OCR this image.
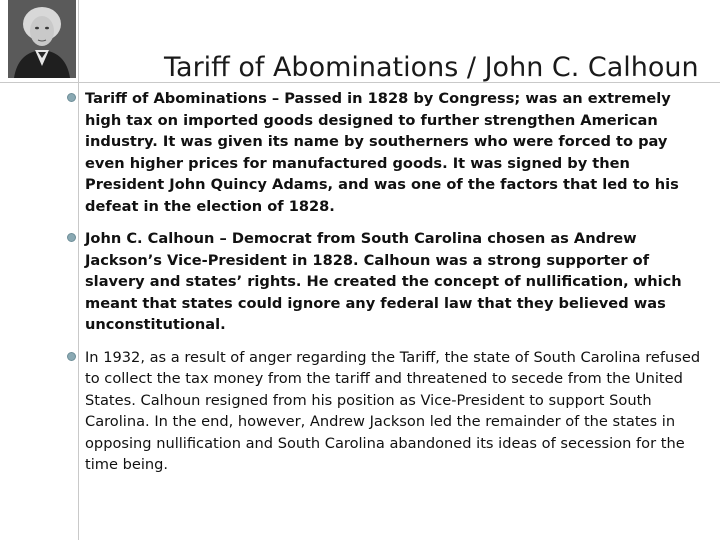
Tariff of Abominations / John C. Calhoun
Tariff of Abominations – Passed in 1828 by Congress; was an extremely high tax on imported goods designed to further strengthen American industry. It was given its name by southerners who were forced to pay even higher prices for manufactured goods. It was signed by then President John Quincy Adams, and was one of the factors that led to his defeat in the election of 1828.
John C. Calhoun – Democrat from South Carolina chosen as Andrew Jackson’s Vice-President in 1828. Calhoun was a strong supporter of slavery and states’ rights. He created the concept of nullification, which meant that states could ignore any federal law that they believed was unconstitutional.
In 1932, as a result of anger regarding the Tariff, the state of South Carolina refused to collect the tax money from the tariff and threatened to secede from the United States. Calhoun resigned from his position as Vice-President to support South Carolina. In the end, however, Andrew Jackson led the remainder of the states in opposing nullification and South Carolina abandoned its ideas of secession for the time being.
